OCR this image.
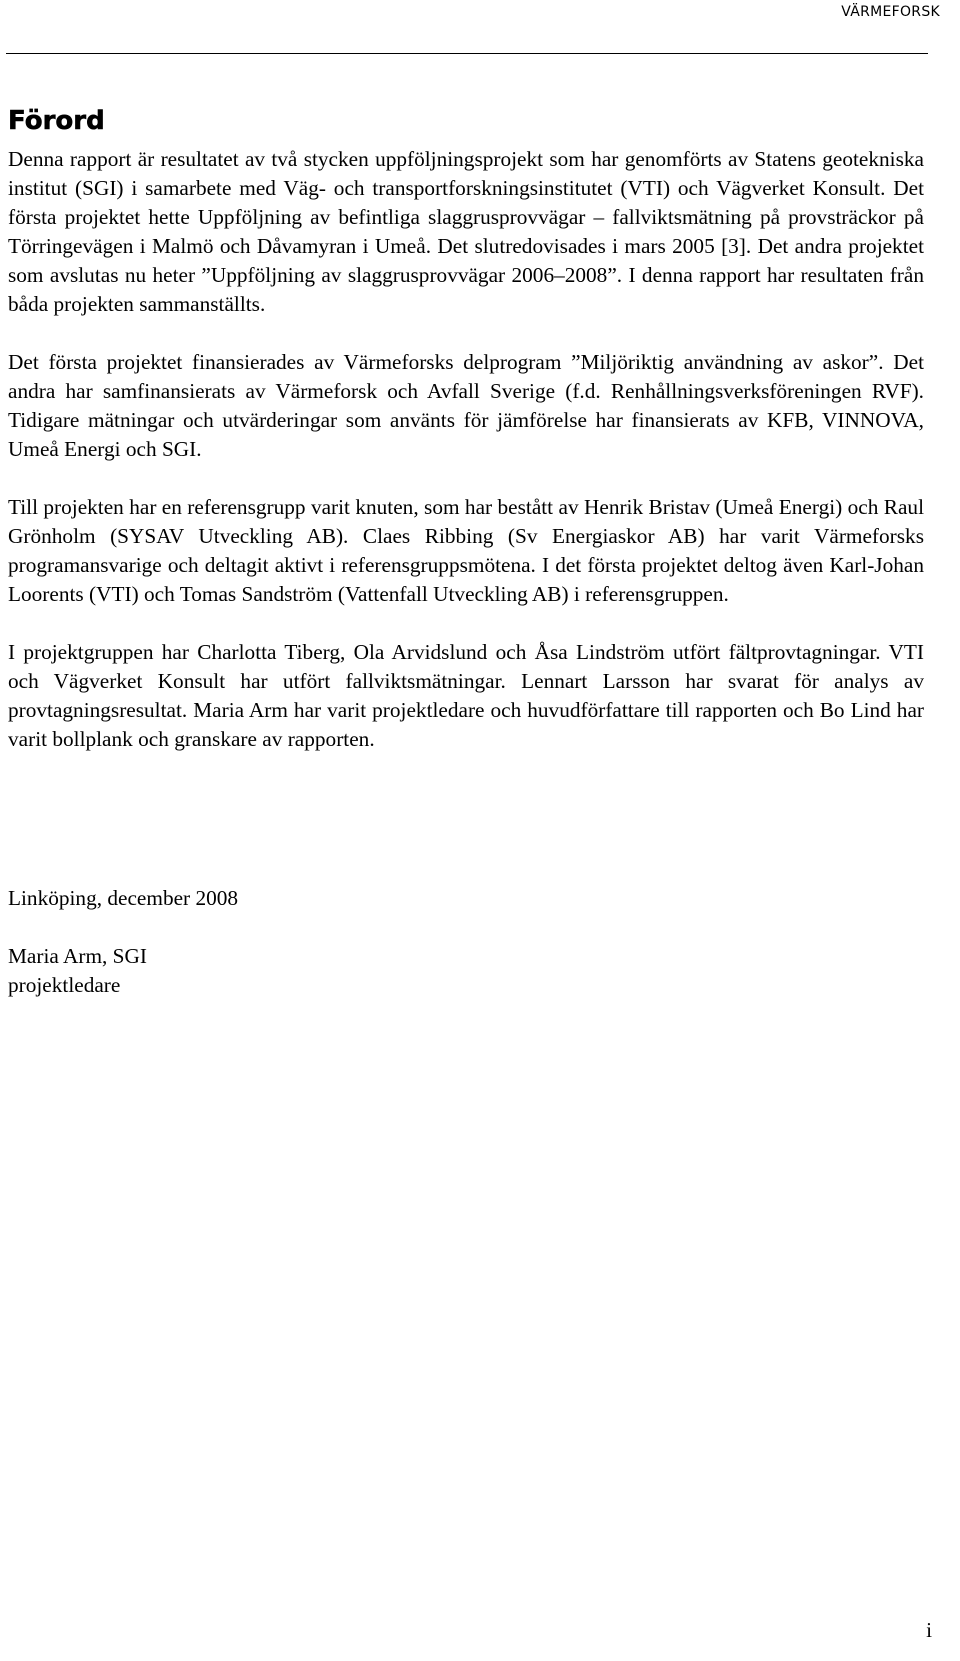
VÄRMEFORSK
Förord

Denna rapport är resultatet av två stycken uppföljningsprojekt som har genomförts av Statens geotekniska institut (SGI) i samarbete med Väg- och transportforskningsinstitutet (VTI) och Vägverket Konsult. Det första projektet hette Uppföljning av befintliga slaggrusprovvägar – fallviktsmätning på provsträckor på Törringevägen i Malmö och Dåvamyran i Umeå. Det slutredovisades i mars 2005 [3]. Det andra projektet som avslutas nu heter ”Uppföljning av slaggrusprovvägar 2006–2008”. I denna rapport har resultaten från båda projekten sammanställts.

Det första projektet finansierades av Värmeforsks delprogram ”Miljöriktig användning av askor”. Det andra har samfinansierats av Värmeforsk och Avfall Sverige (f.d. Renhållningsverksföreningen RVF). Tidigare mätningar och utvärderingar som använts för jämförelse har finansierats av KFB, VINNOVA, Umeå Energi och SGI.

Till projekten har en referensgrupp varit knuten, som har bestått av Henrik Bristav (Umeå Energi) och Raul Grönholm (SYSAV Utveckling AB). Claes Ribbing (Sv Energiaskor AB) har varit Värmeforsks programansvarige och deltagit aktivt i referensgruppsmötena. I det första projektet deltog även Karl-Johan Loorents (VTI) och Tomas Sandström (Vattenfall Utveckling AB) i referensgruppen.

I projektgruppen har Charlotta Tiberg, Ola Arvidslund och Åsa Lindström utfört fältprovtagningar. VTI och Vägverket Konsult har utfört fallviktsmätningar. Lennart Larsson har svarat för analys av provtagningsresultat. Maria Arm har varit projektledare och huvudförfattare till rapporten och Bo Lind har varit bollplank och granskare av rapporten.

Linköping, december 2008

Maria Arm, SGI

projektledare

i
